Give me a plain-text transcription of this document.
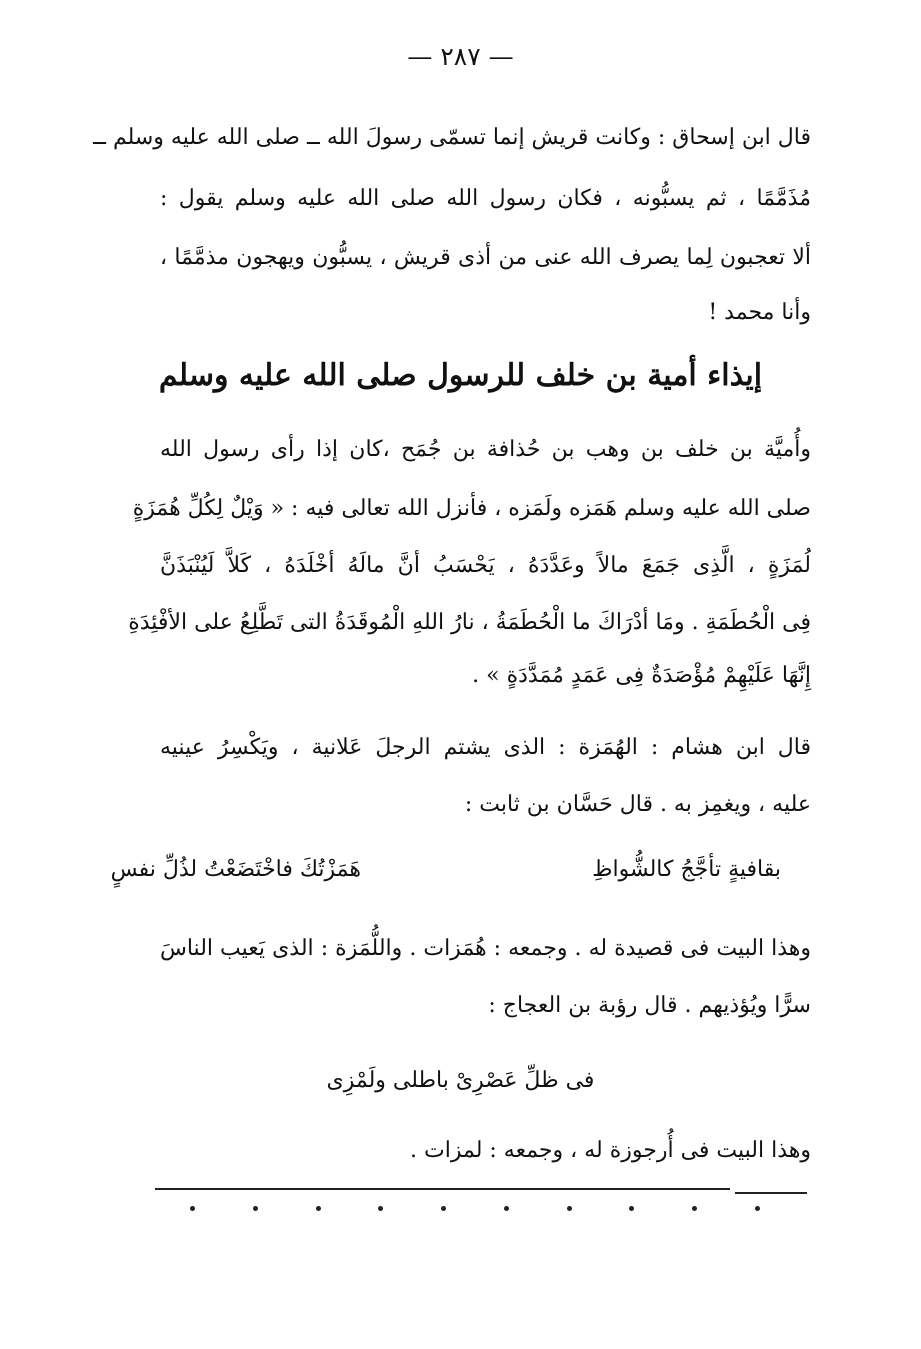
— ٢٨٧ —
قال ابن إسحاق : وكانت قريش إنما تسمّى رسولَ الله ــ صلى الله عليه وسلم ــ
مُذَمَّمًا ، ثم يسبُّونه ، فكان رسول الله صلى الله عليه وسلم يقول :
ألا تعجبون لِما يصرف الله عنى من أذى قريش ، يسبُّون ويهجون مذمَّمًا ،
وأنا محمد !
إيذاء أمية بن خلف للرسول صلى الله عليه وسلم
وأُميَّة بن خلف بن وهب بن حُذافة بن جُمَح ،كان إذا رأى رسول الله
صلى الله عليه وسلم هَمَزه ولَمَزه ، فأنزل الله تعالى فيه : « وَيْلٌ لِكُلِّ هُمَزَةٍ
لُمَزَةٍ ، الَّذِى جَمَعَ مالاً وعَدَّدَهُ ، يَحْسَبُ أنَّ مالَهُ أخْلَدَهُ ، كَلاَّ لَيُنْبَذَنَّ
فِى الْحُطَمَةِ . ومَا أدْرَاكَ ما الْحُطَمَةُ ، نارُ اللهِ الْمُوقَدَةُ التى تَطَّلِعُ على الأفْئِدَةِ
إِنَّهَا عَلَيْهِمْ مُؤْصَدَةٌ فِى عَمَدٍ مُمَدَّدَةٍ » .
قال ابن هشام : الهُمَزة : الذى يشتم الرجلَ عَلانية ، ويَكْسِرُ عينيه
عليه ، ويغمِز به . قال حَسَّان بن ثابت :
هَمَزْتُكَ فاخْتَضَعْتُ لذُلِّ نفسٍ	بقافيةٍ تأجَّجُ كالشُّواظِ
وهذا البيت فى قصيدة له . وجمعه : هُمَزات . واللُّمَزة : الذى يَعيب الناسَ
سرًّا ويُؤذيهم . قال رؤبة بن العجاج :
فى ظلِّ عَصْرِىْ باطلى ولَمْزِى
وهذا البيت فى أُرجوزة له ، وجمعه : لمزات .
